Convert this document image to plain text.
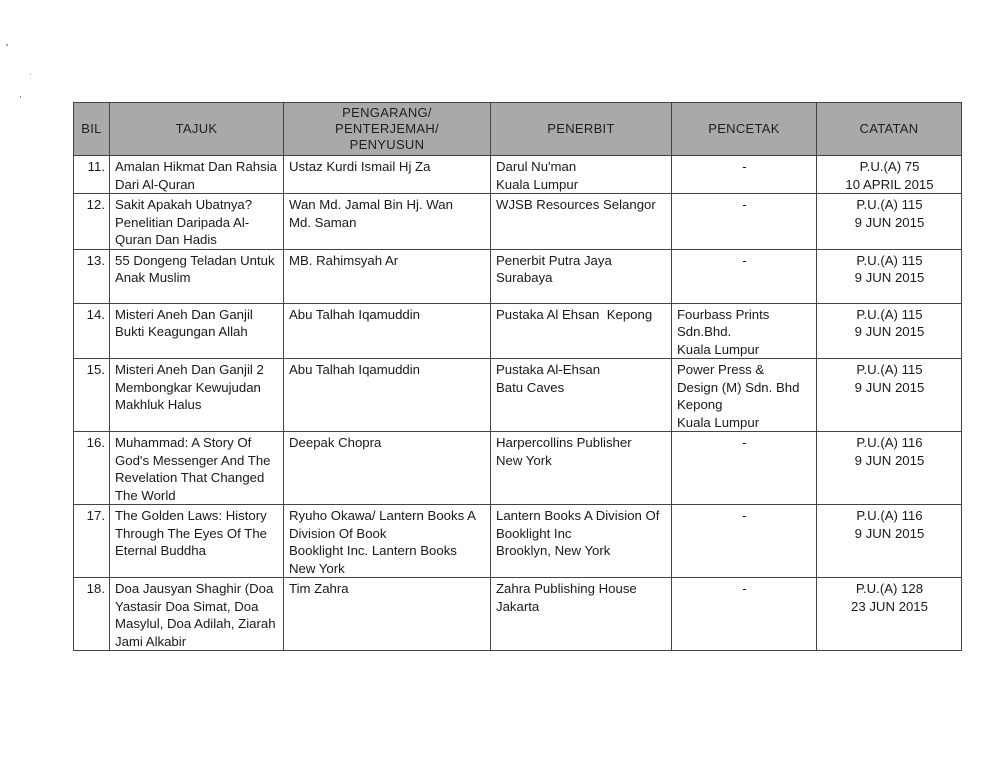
BIL	TAJUK	PENGARANG/
PENTERJEMAH/
PENYUSUN	PENERBIT	PENCETAK	CATATAN
11.	Amalan Hikmat Dan Rahsia
Dari Al-Quran	Ustaz Kurdi Ismail Hj Za	Darul Nu'man
Kuala Lumpur	-	P.U.(A) 75
10 APRIL 2015

12.	Sakit Apakah Ubatnya?
Penelitian Daripada Al-
Quran Dan Hadis	Wan Md. Jamal Bin Hj. Wan
Md. Saman	WJSB Resources Selangor	-	P.U.(A) 115
9 JUN 2015

13.	55 Dongeng Teladan Untuk
Anak Muslim	MB. Rahimsyah Ar	Penerbit Putra Jaya
Surabaya	-	P.U.(A) 115
9 JUN 2015

14.	Misteri Aneh Dan Ganjil
Bukti Keagungan Allah	Abu Talhah Iqamuddin	Pustaka Al Ehsan  Kepong	Fourbass Prints
Sdn.Bhd.
Kuala Lumpur	P.U.(A) 115
9 JUN 2015

15.	Misteri Aneh Dan Ganjil 2
Membongkar Kewujudan
Makhluk Halus	Abu Talhah Iqamuddin	Pustaka Al-Ehsan
Batu Caves	Power Press &
Design (M) Sdn. Bhd
Kepong
Kuala Lumpur	P.U.(A) 115
9 JUN 2015

16.	Muhammad: A Story Of
God's Messenger And The
Revelation That Changed
The World	Deepak Chopra	Harpercollins Publisher
New York	-	P.U.(A) 116
9 JUN 2015

17.	The Golden Laws: History
Through The Eyes Of The
Eternal Buddha	Ryuho Okawa/ Lantern Books A
Division Of Book
Booklight Inc. Lantern Books
New York	Lantern Books A Division Of
Booklight Inc
Brooklyn, New York	-	P.U.(A) 116
9 JUN 2015

18.	Doa Jausyan Shaghir (Doa
Yastasir Doa Simat, Doa
Masylul, Doa Adilah, Ziarah
Jami Alkabir	Tim Zahra	Zahra Publishing House
Jakarta	-	P.U.(A) 128
23 JUN 2015
